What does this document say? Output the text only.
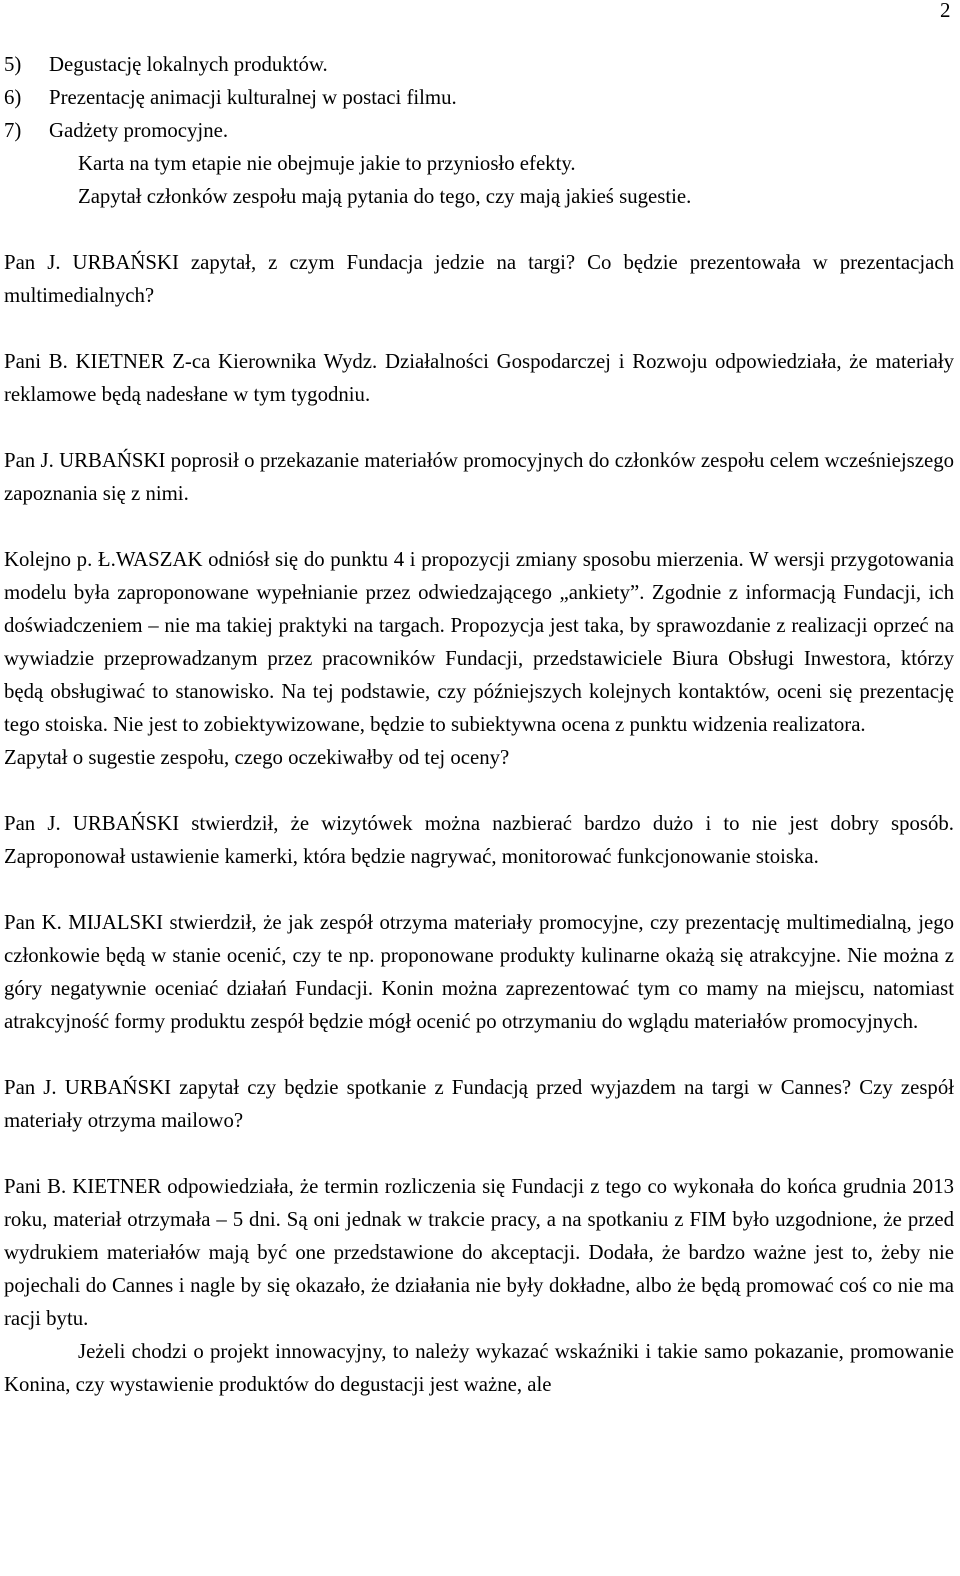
2
5)	Degustację lokalnych produktów.
6)	Prezentację animacji kulturalnej w postaci filmu.
7)	Gadżety promocyjne.
Karta na tym etapie nie obejmuje jakie to przyniosło efekty.
Zapytał członków zespołu mają pytania do tego, czy mają jakieś sugestie.

Pan J. URBAŃSKI zapytał, z czym Fundacja jedzie na targi? Co będzie prezentowała w prezentacjach multimedialnych?

Pani B. KIETNER Z-ca Kierownika Wydz. Działalności Gospodarczej i Rozwoju odpowiedziała, że materiały reklamowe będą nadesłane w tym tygodniu.

Pan J. URBAŃSKI poprosił o przekazanie materiałów promocyjnych do członków zespołu celem wcześniejszego zapoznania się z nimi.

Kolejno p. Ł.WASZAK odniósł się do punktu 4 i propozycji zmiany sposobu mierzenia. W wersji przygotowania modelu była zaproponowane wypełnianie przez odwiedzającego „ankiety”. Zgodnie z informacją Fundacji, ich doświadczeniem – nie ma takiej praktyki na targach. Propozycja jest taka, by sprawozdanie z realizacji oprzeć na wywiadzie przeprowadzanym przez pracowników Fundacji, przedstawiciele Biura Obsługi Inwestora, którzy będą obsługiwać to stanowisko. Na tej podstawie, czy późniejszych kolejnych kontaktów, oceni się prezentację tego stoiska. Nie jest to zobiektywizowane, będzie to subiektywna ocena z punktu widzenia realizatora.

Zapytał o sugestie zespołu, czego oczekiwałby od tej oceny?

Pan J. URBAŃSKI stwierdził, że wizytówek można nazbierać bardzo dużo i to nie jest dobry sposób. Zaproponował ustawienie kamerki, która będzie nagrywać, monitorować funkcjonowanie stoiska.

Pan K. MIJALSKI stwierdził, że jak zespół otrzyma materiały promocyjne, czy prezentację multimedialną, jego członkowie będą w stanie ocenić, czy te np. proponowane produkty kulinarne okażą się atrakcyjne. Nie można z góry negatywnie oceniać działań Fundacji. Konin można zaprezentować tym co mamy na miejscu, natomiast atrakcyjność formy produktu zespół będzie mógł ocenić po otrzymaniu do wglądu materiałów promocyjnych.

Pan J. URBAŃSKI zapytał czy będzie spotkanie z Fundacją przed wyjazdem na targi w Cannes? Czy zespół materiały otrzyma mailowo?

Pani B. KIETNER odpowiedziała, że termin rozliczenia się Fundacji z tego co wykonała do końca grudnia 2013 roku, materiał otrzymała – 5 dni. Są oni jednak w trakcie pracy, a na spotkaniu z FIM było uzgodnione, że przed wydrukiem materiałów mają być one przedstawione do akceptacji. Dodała, że bardzo ważne jest to, żeby nie pojechali do Cannes i nagle by się okazało, że działania nie były dokładne, albo że będą promować coś co nie ma racji bytu.

Jeżeli chodzi o projekt innowacyjny, to należy wykazać wskaźniki i takie samo pokazanie, promowanie Konina, czy wystawienie produktów do degustacji jest ważne, ale
